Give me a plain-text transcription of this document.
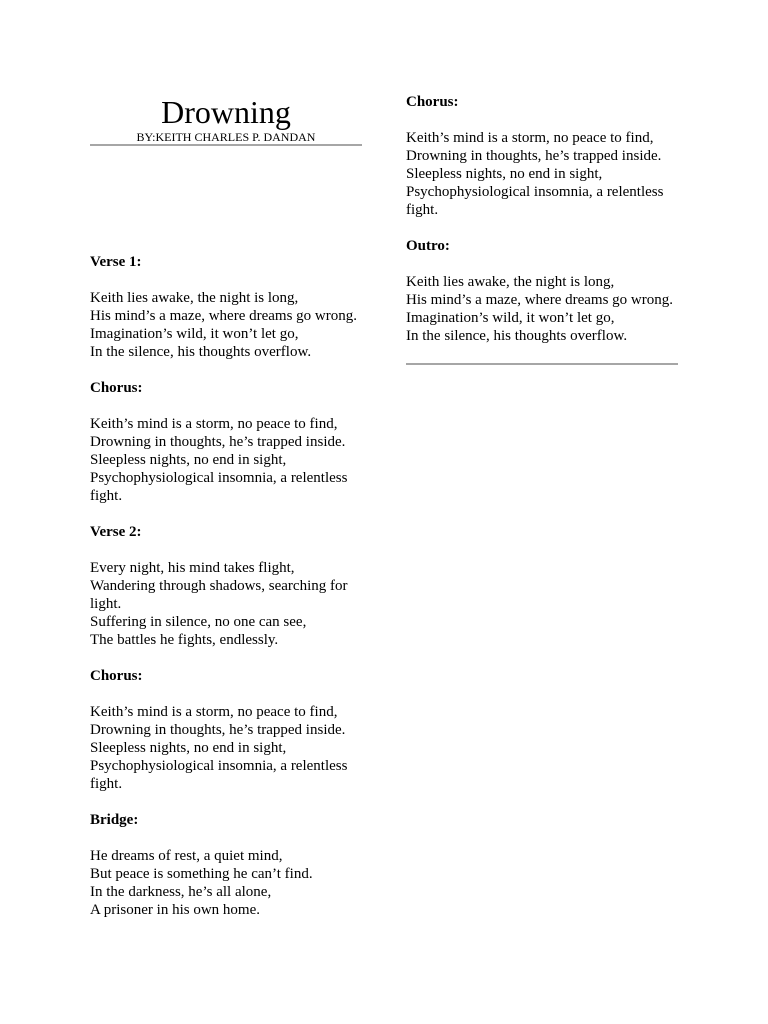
Drowning

BY:KEITH CHARLES P. DANDAN

Verse 1:

Keith lies awake, the night is long,
His mind’s a maze, where dreams go wrong.
Imagination’s wild, it won’t let go,
In the silence, his thoughts overflow.

Chorus:

Keith’s mind is a storm, no peace to find,
Drowning in thoughts, he’s trapped inside.
Sleepless nights, no end in sight,
Psychophysiological insomnia, a relentless fight.

Verse 2:

Every night, his mind takes flight,
Wandering through shadows, searching for light.
Suffering in silence, no one can see,
The battles he fights, endlessly.

Chorus:

Keith’s mind is a storm, no peace to find,
Drowning in thoughts, he’s trapped inside.
Sleepless nights, no end in sight,
Psychophysiological insomnia, a relentless fight.

Bridge:

He dreams of rest, a quiet mind,
But peace is something he can’t find.
In the darkness, he’s all alone,
A prisoner in his own home.

Chorus:

Keith’s mind is a storm, no peace to find,
Drowning in thoughts, he’s trapped inside.
Sleepless nights, no end in sight,
Psychophysiological insomnia, a relentless fight.

Outro:

Keith lies awake, the night is long,
His mind’s a maze, where dreams go wrong.
Imagination’s wild, it won’t let go,
In the silence, his thoughts overflow.
